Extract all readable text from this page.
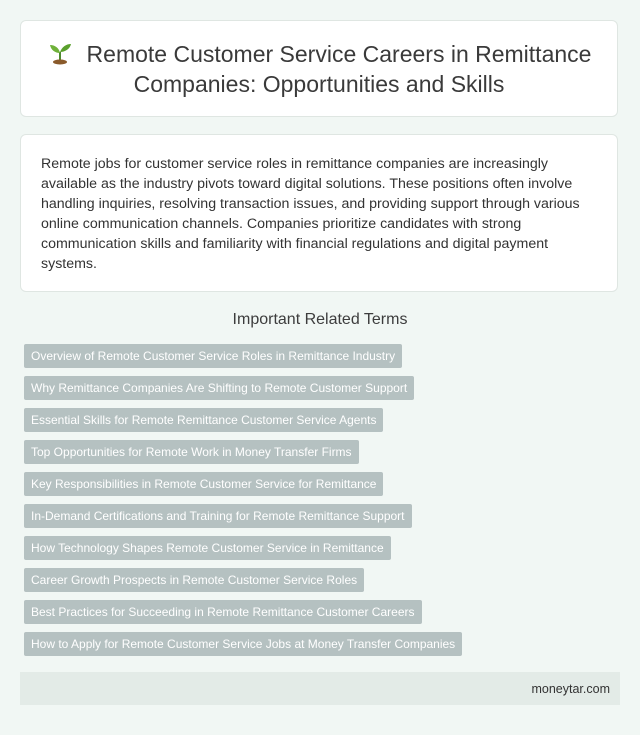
Remote Customer Service Careers in Remittance Companies: Opportunities and Skills

Remote jobs for customer service roles in remittance companies are increasingly available as the industry pivots toward digital solutions. These positions often involve handling inquiries, resolving transaction issues, and providing support through various online communication channels. Companies prioritize candidates with strong communication skills and familiarity with financial regulations and digital payment systems.

Important Related Terms
Overview of Remote Customer Service Roles in Remittance Industry
Why Remittance Companies Are Shifting to Remote Customer Support
Essential Skills for Remote Remittance Customer Service Agents
Top Opportunities for Remote Work in Money Transfer Firms
Key Responsibilities in Remote Customer Service for Remittance
In-Demand Certifications and Training for Remote Remittance Support
How Technology Shapes Remote Customer Service in Remittance
Career Growth Prospects in Remote Customer Service Roles
Best Practices for Succeeding in Remote Remittance Customer Careers
How to Apply for Remote Customer Service Jobs at Money Transfer Companies
moneytar.com
